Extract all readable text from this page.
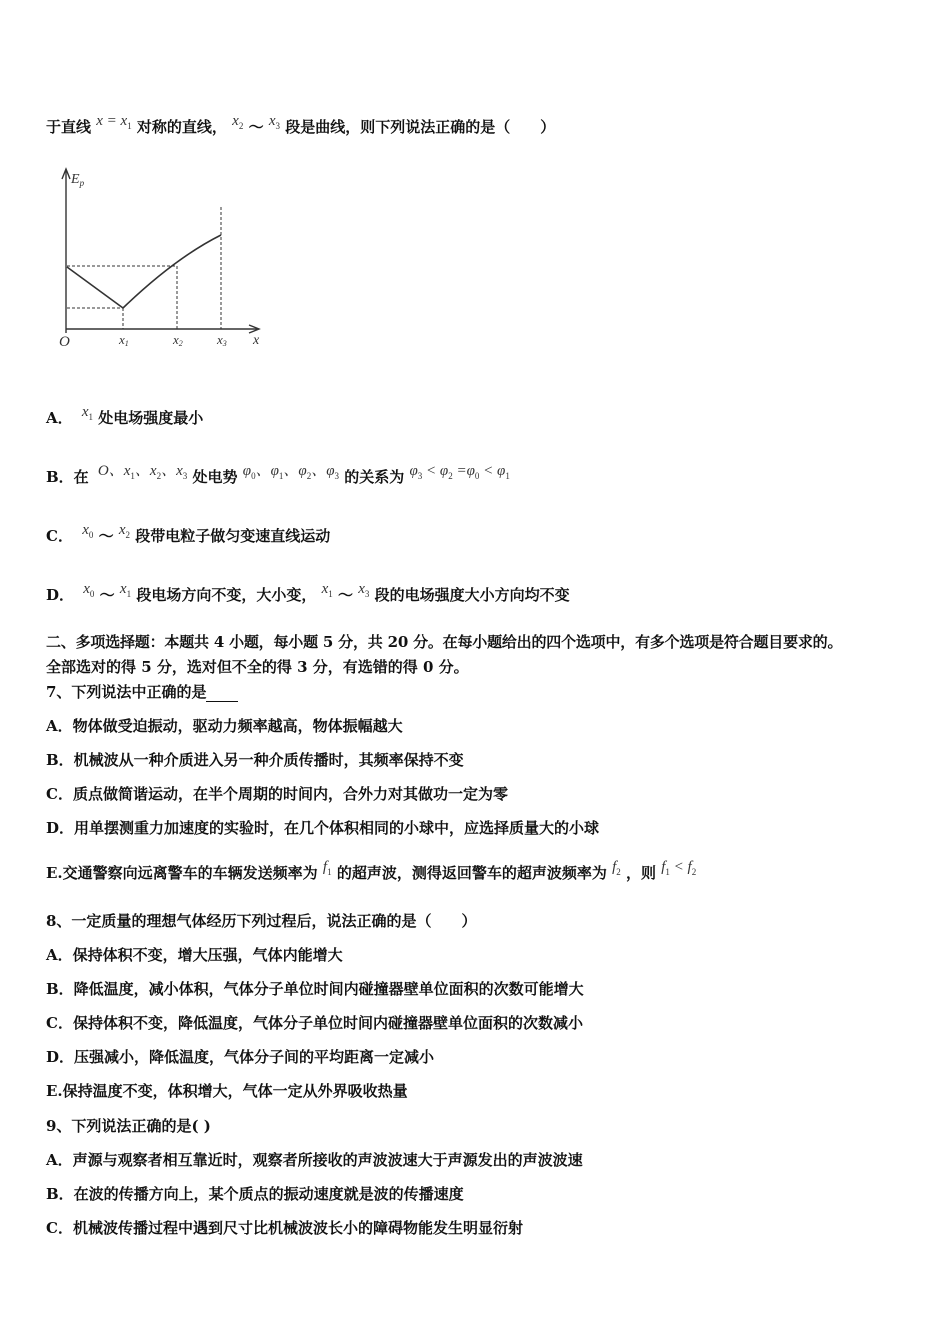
于直线 $x = x_1$ 对称的直线， $x_2$ ～ $x_3$ 段是曲线，则下列说法正确的是（　　）
$E_p$
O	x1	x2	x3 x
A． $x_1$ 处电场强度最小
B．在 O、$x_1$、$x_2$、$x_3$ 处电势 $\varphi_0$、$\varphi_1$、$\varphi_2$、$\varphi_3$ 的关系为 $\varphi_3 < \varphi_2 =\varphi_0 < \varphi_1$
C． $x_0$ ～ $x_2$ 段带电粒子做匀变速直线运动
D． $x_0$ ～ $x_1$ 段电场方向不变，大小变， $x_1$ ～ $x_3$ 段的电场强度大小方向均不变
二、多项选择题：本题共 4 小题，每小题 5 分，共 20 分。在每小题给出的四个选项中，有多个选项是符合题目要求的。
全部选对的得 5 分，选对但不全的得 3 分，有选错的得 0 分。
7、下列说法中正确的是
A．物体做受迫振动，驱动力频率越高，物体振幅越大
B．机械波从一种介质进入另一种介质传播时，其频率保持不变
C．质点做简谐运动，在半个周期的时间内，合外力对其做功一定为零
D．用单摆测重力加速度的实验时，在几个体积相同的小球中，应选择质量大的小球
E.交通警察向远离警车的车辆发送频率为 $f_1$ 的超声波，测得返回警车的超声波频率为 $f_2$ ，则 $f_1 < f_2$
8、一定质量的理想气体经历下列过程后，说法正确的是（　　）
A．保持体积不变，增大压强，气体内能增大
B．降低温度，减小体积，气体分子单位时间内碰撞器壁单位面积的次数可能增大
C．保持体积不变，降低温度，气体分子单位时间内碰撞器壁单位面积的次数减小
D．压强减小，降低温度，气体分子间的平均距离一定减小
E.保持温度不变，体积增大，气体一定从外界吸收热量
9、下列说法正确的是( )
A．声源与观察者相互靠近时，观察者所接收的声波波速大于声源发出的声波波速
B．在波的传播方向上，某个质点的振动速度就是波的传播速度
C．机械波传播过程中遇到尺寸比机械波波长小的障碍物能发生明显衍射
